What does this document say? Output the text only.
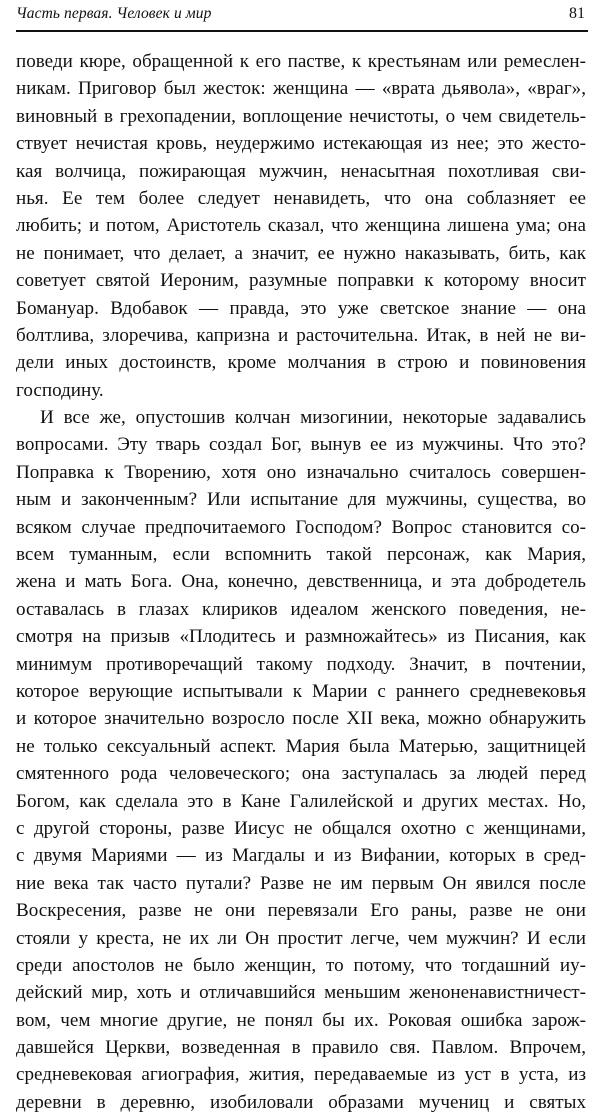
Часть первая. Человек и мир	81
поведи кюре, обращенной к его пастве, к крестьянам или ремеслен-
никам. Приговор был жесток: женщина — «врата дьявола», «враг»,
виновный в грехопадении, воплощение нечистоты, о чем свидетель-
ствует нечистая кровь, неудержимо истекающая из нее; это жесто-
кая волчица, пожирающая мужчин, ненасытная похотливая сви-
нья. Ее тем более следует ненавидеть, что она соблазняет ее
любить; и потом, Аристотель сказал, что женщина лишена ума; она
не понимает, что делает, а значит, ее нужно наказывать, бить, как
советует святой Иероним, разумные поправки к которому вносит
Бомануар. Вдобавок — правда, это уже светское знание — она
болтлива, злоречива, капризна и расточительна. Итак, в ней не ви-
дели иных достоинств, кроме молчания в строю и повиновения
господину.
И все же, опустошив колчан мизогинии, некоторые задавались
вопросами. Эту тварь создал Бог, вынув ее из мужчины. Что это?
Поправка к Творению, хотя оно изначально считалось совершен-
ным и законченным? Или испытание для мужчины, существа, во
всяком случае предпочитаемого Господом? Вопрос становится со-
всем туманным, если вспомнить такой персонаж, как Мария,
жена и мать Бога. Она, конечно, девственница, и эта добродетель
оставалась в глазах клириков идеалом женского поведения, не-
смотря на призыв «Плодитесь и размножайтесь» из Писания, как
минимум противоречащий такому подходу. Значит, в почтении,
которое верующие испытывали к Марии с раннего средневековья
и которое значительно возросло после XII века, можно обнаружить
не только сексуальный аспект. Мария была Матерью, защитницей
смятенного рода человеческого; она заступалась за людей перед
Богом, как сделала это в Кане Галилейской и других местах. Но,
с другой стороны, разве Иисус не общался охотно с женщинами,
с двумя Мариями — из Магдалы и из Вифании, которых в сред-
ние века так часто путали? Разве не им первым Он явился после
Воскресения, разве не они перевязали Его раны, разве не они
стояли у креста, не их ли Он простит легче, чем мужчин? И если
среди апостолов не было женщин, то потому, что тогдашний иу-
дейский мир, хоть и отличавшийся меньшим женоненавистничест-
вом, чем многие другие, не понял бы их. Роковая ошибка зарож-
давшейся Церкви, возведенная в правило свя. Павлом. Впрочем,
средневековая агиография, жития, передаваемые из уст в уста, из
деревни в деревню, изобиловали образами мучениц и святых
